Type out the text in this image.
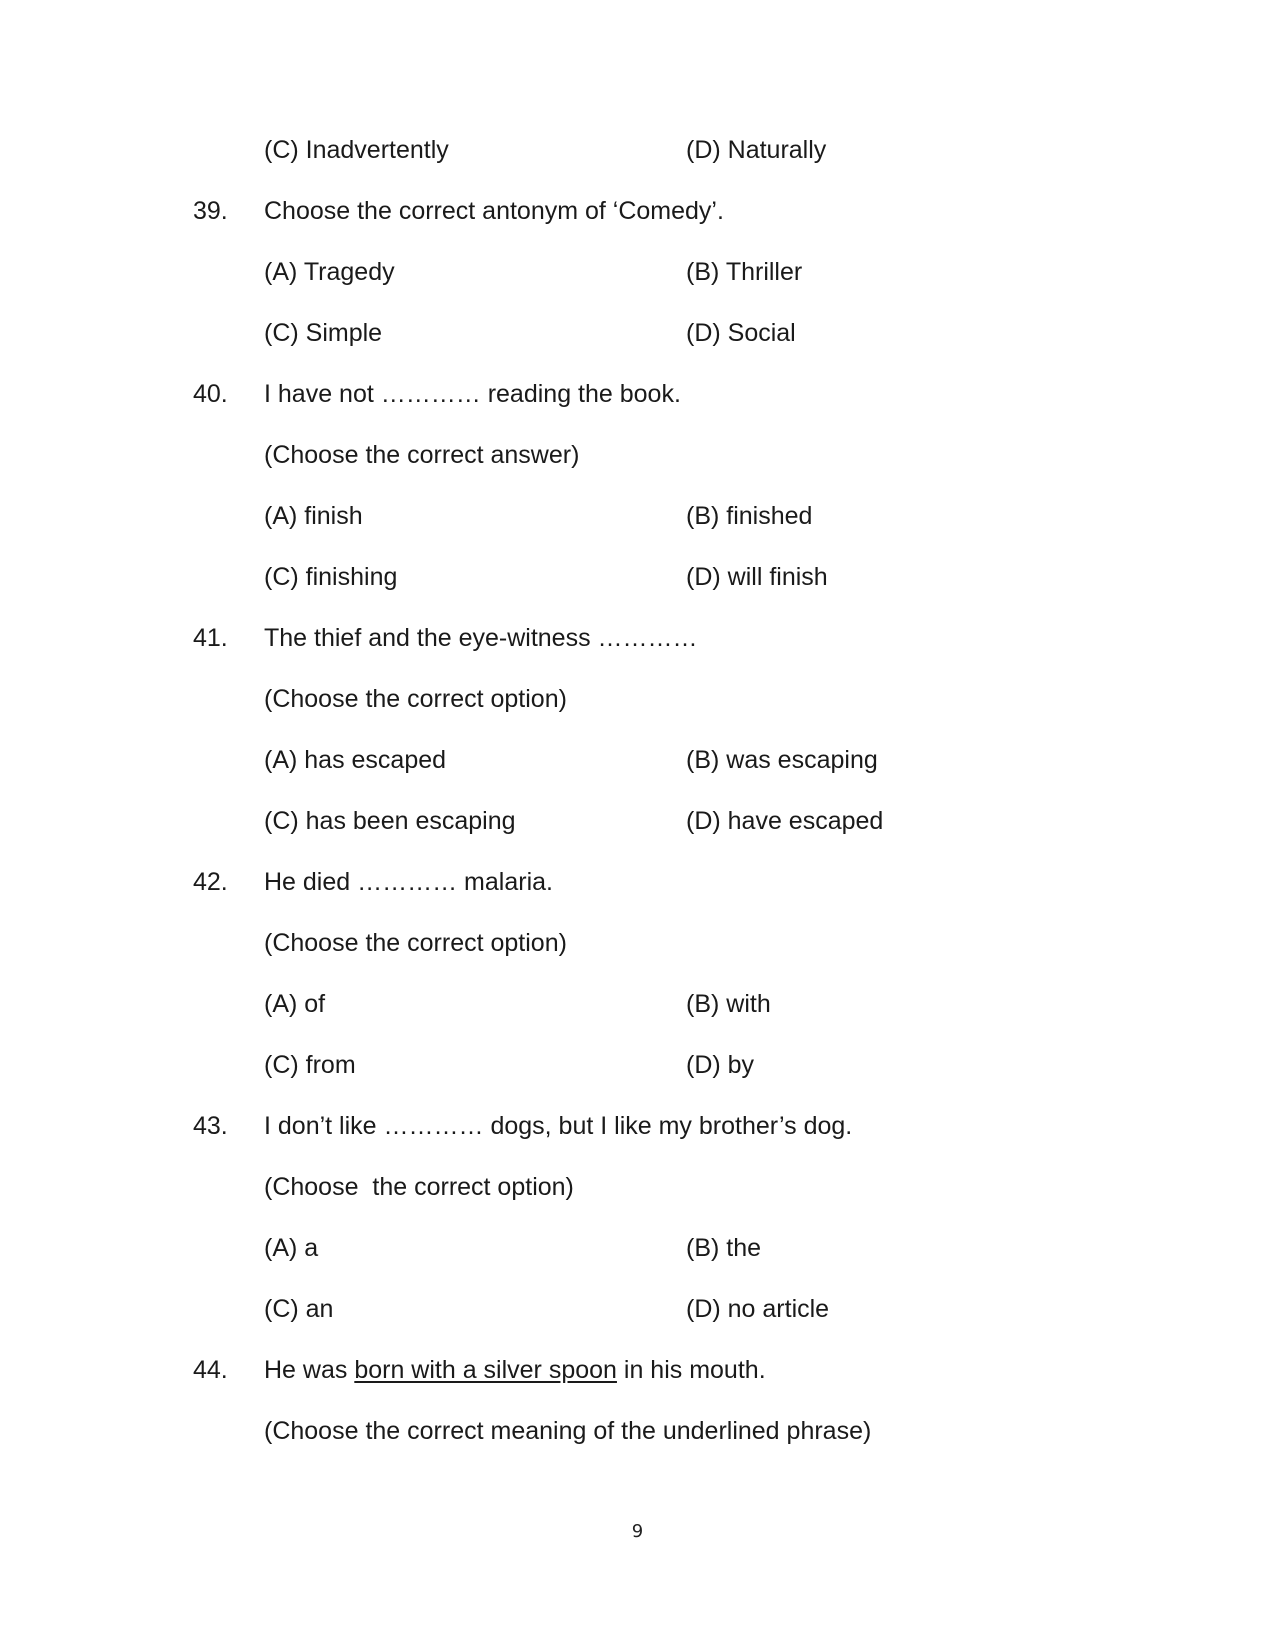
(C) Inadvertently	(D) Naturally
39. Choose the correct antonym of ‘Comedy’.
(A) Tragedy	(B) Thriller
(C) Simple	(D) Social
40. I have not ………… reading the book.
(Choose the correct answer)
(A) finish	(B) finished
(C) finishing	(D) will finish
41. The thief and the eye-witness …………
(Choose the correct option)
(A) has escaped	(B) was escaping
(C) has been escaping	(D) have escaped
42. He died ………… malaria.
(Choose the correct option)
(A) of	(B) with
(C) from	(D) by
43. I don’t like ………… dogs, but I like my brother’s dog.
(Choose  the correct option)
(A) a	(B) the
(C) an	(D) no article
44. He was born with a silver spoon in his mouth.
(Choose the correct meaning of the underlined phrase)
9
